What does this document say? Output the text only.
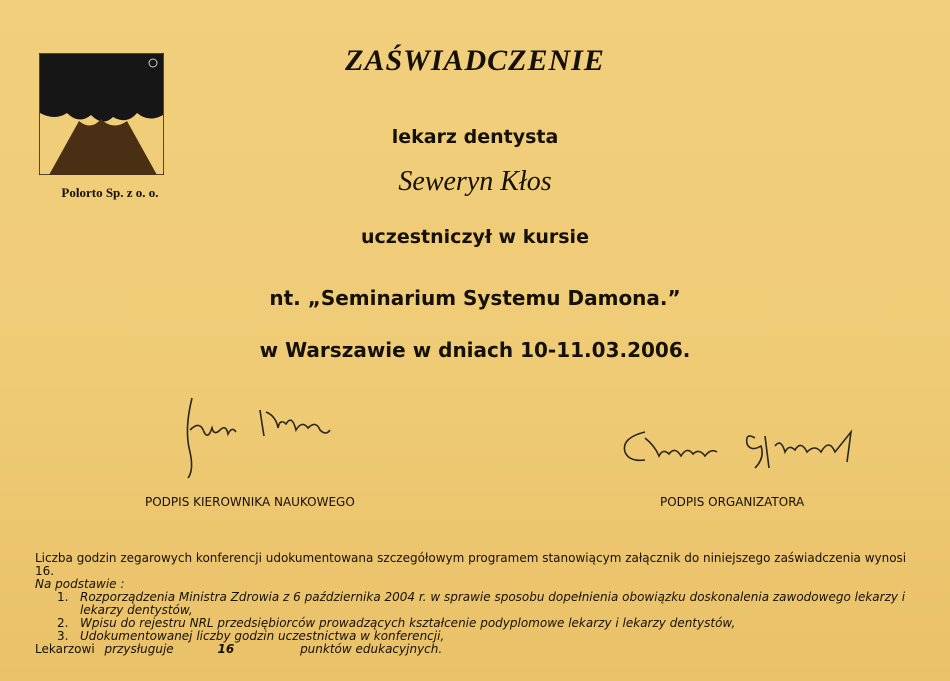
Polorto Sp. z o. o.
ZAŚWIADCZENIE
lekarz dentysta
Seweryn Kłos
uczestniczył w kursie
nt. „Seminarium Systemu Damona.”
w Warszawie w dniach 10-11.03.2006.
PODPIS KIEROWNIKA NAUKOWEGO	PODPIS ORGANIZATORA
Liczba godzin zegarowych konferencji udokumentowana szczegółowym programem stanowiącym załącznik do niniejszego zaświadczenia wynosi 16.
Na podstawie :
1. Rozporządzenia Ministra Zdrowia z 6 października 2004 r. w sprawie sposobu dopełnienia obowiązku doskonalenia zawodowego lekarzy i lekarzy dentystów,
2. Wpisu do rejestru NRL przedsiębiorców prowadzących kształcenie podyplomowe lekarzy i lekarzy dentystów,
3. Udokumentowanej liczby godzin uczestnictwa w konferencji,
Lekarzowi przysługuje	16	punktów edukacyjnych.
